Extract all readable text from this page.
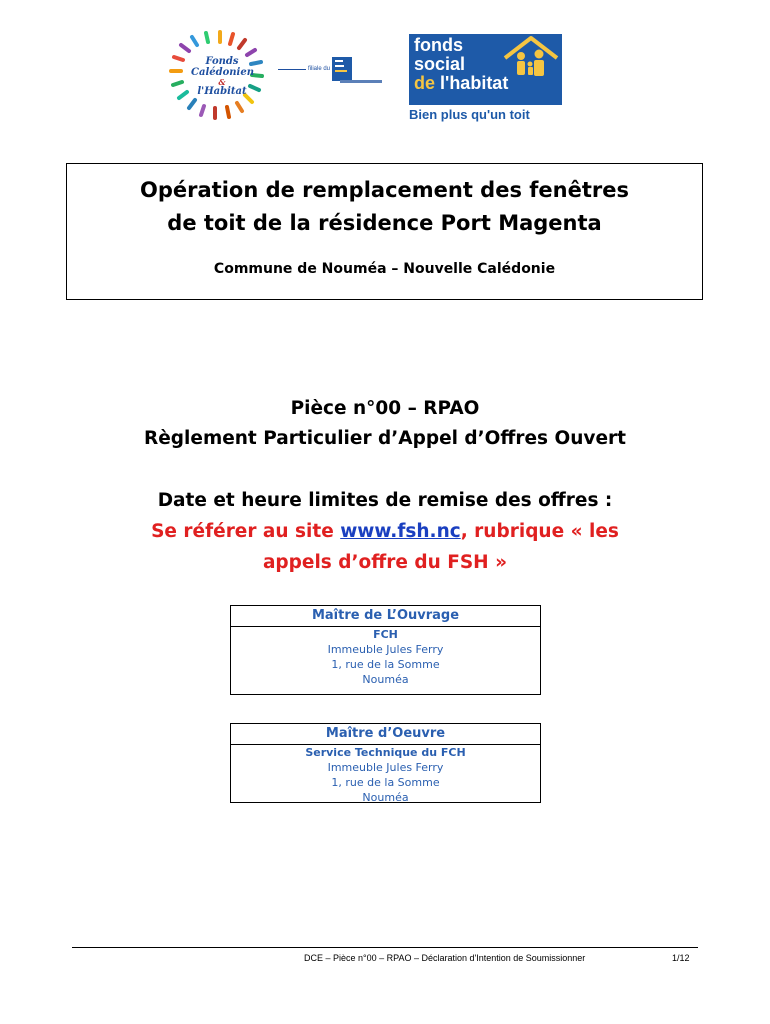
Fonds
Calédonien
&
l'Habitat
filiale du
fonds
social
de l'habitat
Bien plus qu'un toit
Opération de remplacement des fenêtres
de toit de la résidence Port Magenta
Commune de Nouméa – Nouvelle Calédonie
Pièce n°00 – RPAO
Règlement Particulier d’Appel d’Offres Ouvert
Date et heure limites de remise des offres :
Se référer au site www.fsh.nc, rubrique « les
appels d’offre du FSH »
Maître de L’Ouvrage
FCH
Immeuble Jules Ferry
1, rue de la Somme
Nouméa
Maître d’Oeuvre
Service Technique du FCH
Immeuble Jules Ferry
1, rue de la Somme
Nouméa
DCE – Pièce n°00 – RPAO – Déclaration d'Intention de Soumissionner	1/12
